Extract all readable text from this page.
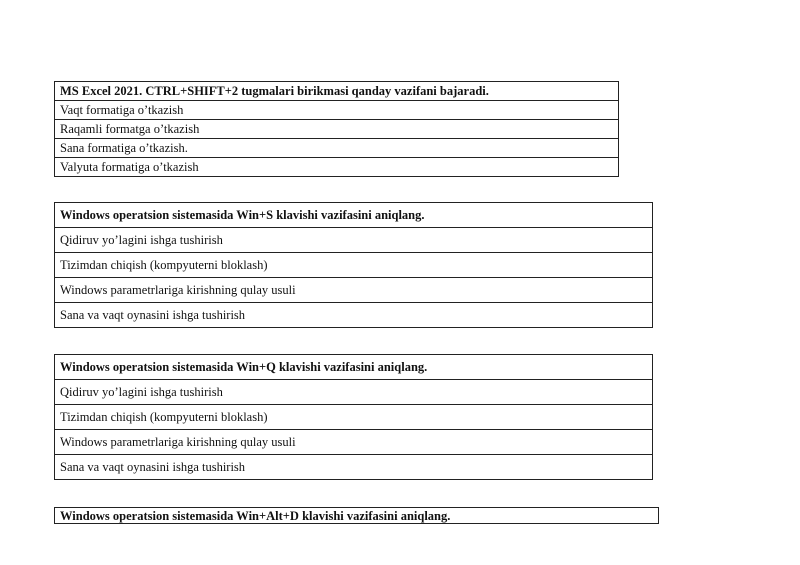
MS Excel 2021. CTRL+SHIFT+2 tugmalari birikmasi qanday vazifani bajaradi.
Vaqt formatiga o’tkazish
Raqamli formatga o’tkazish
Sana formatiga o’tkazish.
Valyuta formatiga o’tkazish
Windows operatsion sistemasida Win+S klavishi vazifasini aniqlang.
Qidiruv yo’lagini ishga tushirish
Tizimdan chiqish (kompyuterni bloklash)
Windows parametrlariga kirishning qulay usuli
Sana va vaqt oynasini ishga tushirish
Windows operatsion sistemasida Win+Q klavishi vazifasini aniqlang.
Qidiruv yo’lagini ishga tushirish
Tizimdan chiqish (kompyuterni bloklash)
Windows parametrlariga kirishning qulay usuli
Sana va vaqt oynasini ishga tushirish
Windows operatsion sistemasida Win+Alt+D klavishi vazifasini aniqlang.
